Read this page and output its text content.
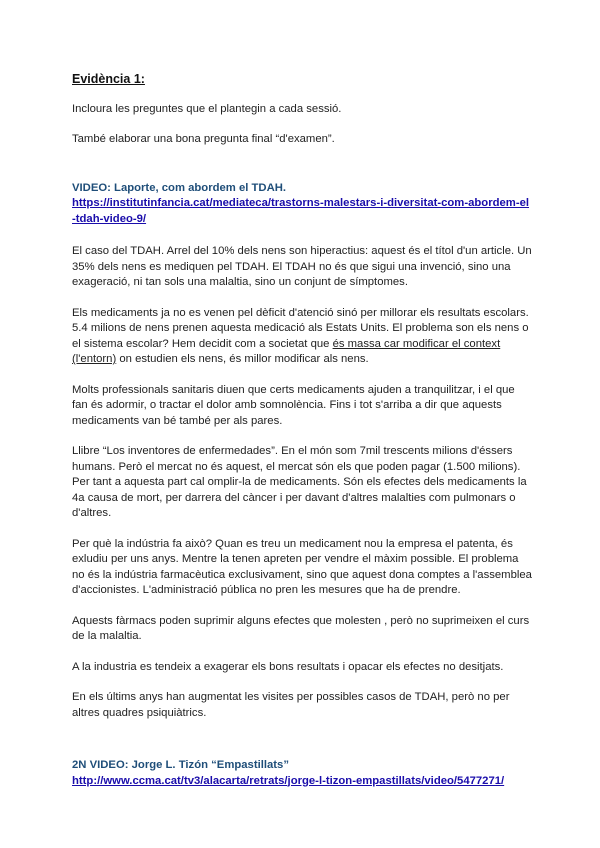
Evidència 1:

Incloura les preguntes que el plantegin a cada sessió.

També elaborar una bona pregunta final “d'examen”.

VIDEO: Laporte, com abordem el TDAH.
https://institutinfancia.cat/mediateca/trastorns-malestars-i-diversitat-com-abordem-el-tdah-video-9/

El caso del TDAH. Arrel del 10% dels nens son hiperactius: aquest és el títol d'un article. Un 35% dels nens es mediquen pel TDAH. El TDAH no és que sigui una invenció, sino una exageració, ni tan sols una malaltia, sino un conjunt de símptomes.

Els medicaments ja no es venen pel dèficit d'atenció sinó per millorar els resultats escolars. 5.4 milions de nens prenen aquesta medicació als Estats Units. El problema son els nens o el sistema escolar? Hem decidit com a societat que és massa car modificar el context (l'entorn) on estudien els nens, és millor modificar als nens.

Molts professionals sanitaris diuen que certs medicaments ajuden a tranquilitzar, i el que fan és adormir, o tractar el dolor amb somnolència. Fins i tot s'arriba a dir que aquests medicaments van bé també per als pares.

Llibre “Los inventores de enfermedades”. En el món som 7mil trescents milions d'éssers humans. Però el mercat no és aquest, el mercat són els que poden pagar (1.500 milions). Per tant a aquesta part cal omplir-la de medicaments. Són els efectes dels medicaments la 4a causa de mort, per darrera del càncer i per davant d'altres malalties com pulmonars o d'altres.

Per què la indústria fa això? Quan es treu un medicament nou la empresa el patenta, és exludiu per uns anys. Mentre la tenen apreten per vendre el màxim possible. El problema no és la indústria farmacèutica exclusivament, sino que aquest dona comptes a l'assemblea d'accionistes. L'administració pública no pren les mesures que ha de prendre.

Aquests fàrmacs poden suprimir alguns efectes que molesten , però no suprimeixen el curs de la malaltia.

A la industria es tendeix a exagerar els bons resultats i opacar els efectes no desitjats.

En els últims anys han augmentat les visites per possibles casos de TDAH, però no per altres quadres psiquiàtrics.

2N VIDEO: Jorge L. Tizón “Empastillats”
http://www.ccma.cat/tv3/alacarta/retrats/jorge-l-tizon-empastillats/video/5477271/
